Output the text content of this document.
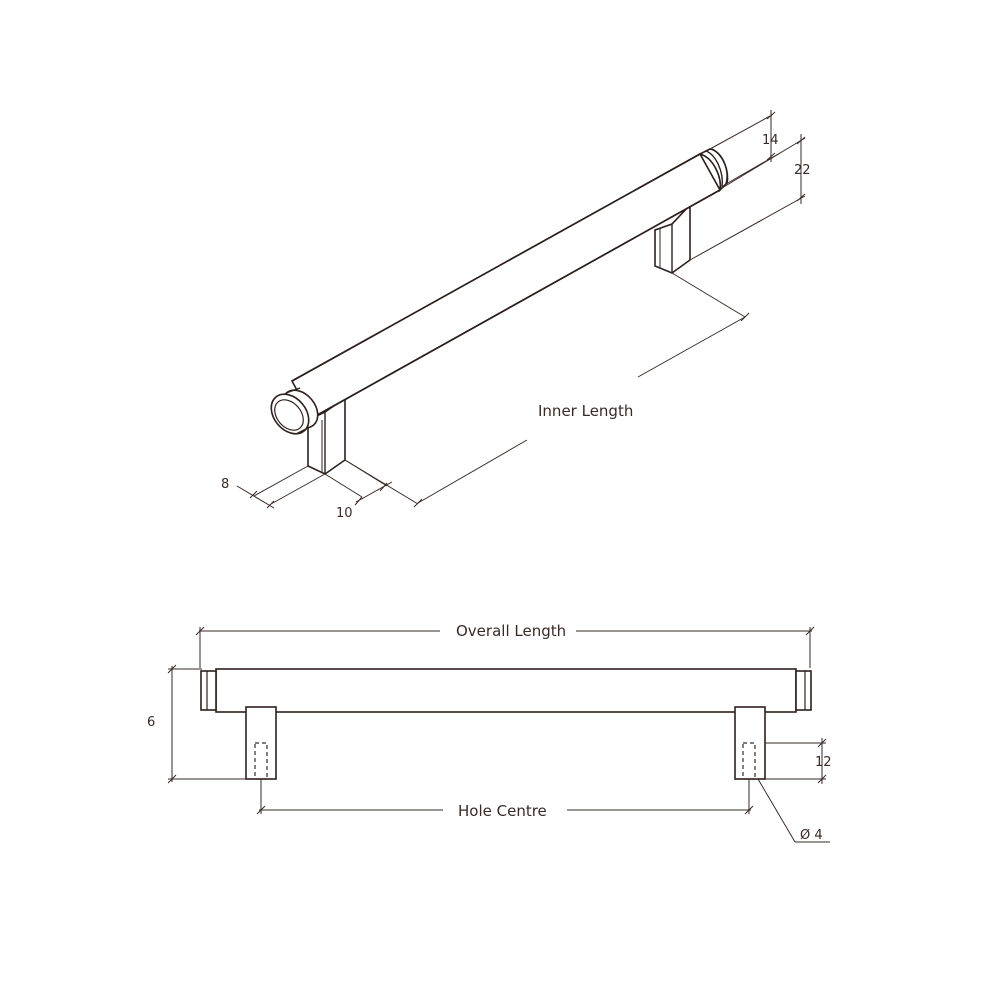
14
22
Inner Length
8
10
Overall Length
6
12
Hole Centre
Ø 4
